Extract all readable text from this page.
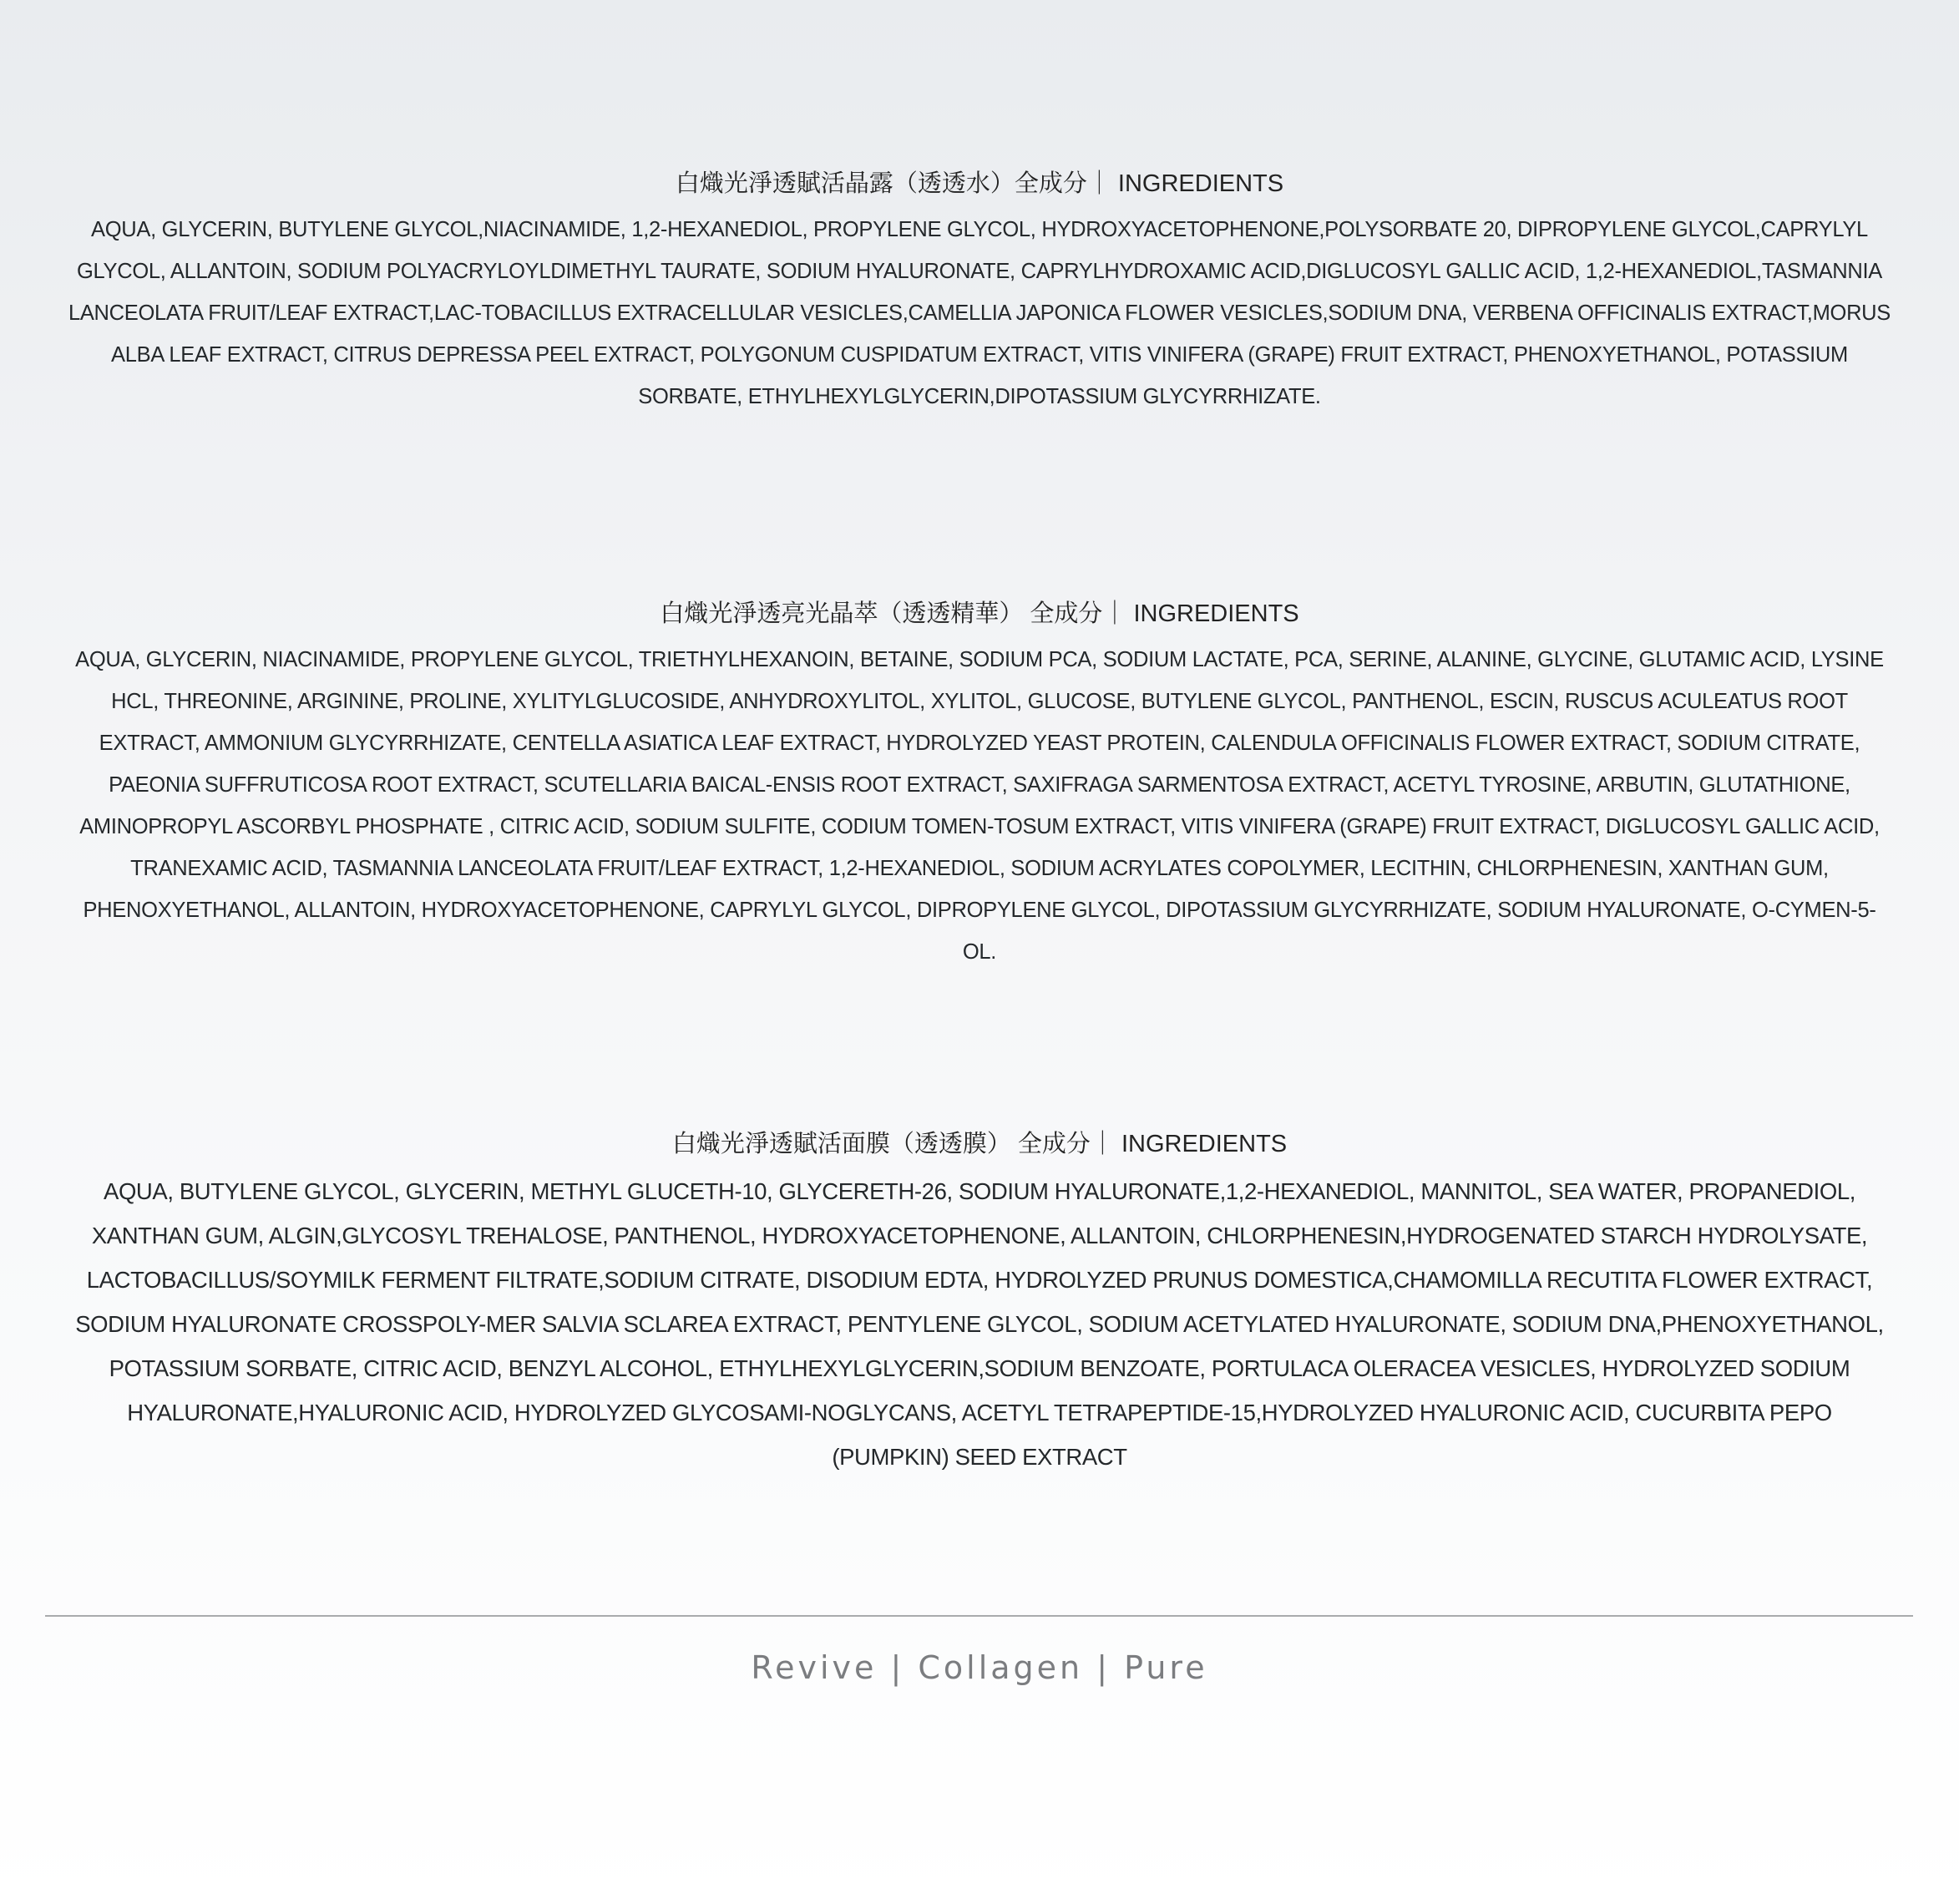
白熾光淨透賦活晶露（透透水）全成分｜ INGREDIENTS

AQUA, GLYCERIN, BUTYLENE GLYCOL,NIACINAMIDE, 1,2-HEXANEDIOL, PROPYLENE GLYCOL, HYDROXYACETOPHENONE,POLYSORBATE 20, DIPROPYLENE GLYCOL,CAPRYLYL GLYCOL, ALLANTOIN, SODIUM POLYACRYLOYLDIMETHYL TAURATE, SODIUM HYALURONATE, CAPRYLHYDROXAMIC ACID,DIGLUCOSYL GALLIC ACID, 1,2-HEXANEDIOL,TASMANNIA LANCEOLATA FRUIT/LEAF EXTRACT,LAC-TOBACILLUS EXTRACELLULAR VESICLES,CAMELLIA JAPONICA FLOWER VESICLES,SODIUM DNA, VERBENA OFFICINALIS EXTRACT,MORUS ALBA LEAF EXTRACT, CITRUS DEPRESSA PEEL EXTRACT, POLYGONUM CUSPIDATUM EXTRACT, VITIS VINIFERA (GRAPE) FRUIT EXTRACT, PHENOXYETHANOL, POTASSIUM SORBATE, ETHYLHEXYLGLYCERIN,DIPOTASSIUM GLYCYRRHIZATE.

白熾光淨透亮光晶萃（透透精華） 全成分｜ INGREDIENTS

AQUA, GLYCERIN, NIACINAMIDE, PROPYLENE GLYCOL, TRIETHYLHEXANOIN, BETAINE, SODIUM PCA, SODIUM LACTATE, PCA, SERINE, ALANINE, GLYCINE, GLUTAMIC ACID, LYSINE HCL, THREONINE, ARGININE, PROLINE, XYLITYLGLUCOSIDE, ANHYDROXYLITOL, XYLITOL, GLUCOSE, BUTYLENE GLYCOL, PANTHENOL, ESCIN, RUSCUS ACULEATUS ROOT EXTRACT, AMMONIUM GLYCYRRHIZATE, CENTELLA ASIATICA LEAF EXTRACT, HYDROLYZED YEAST PROTEIN, CALENDULA OFFICINALIS FLOWER EXTRACT, SODIUM CITRATE, PAEONIA SUFFRUTICOSA ROOT EXTRACT, SCUTELLARIA BAICAL-ENSIS ROOT EXTRACT, SAXIFRAGA SARMENTOSA EXTRACT, ACETYL TYROSINE, ARBUTIN, GLUTATHIONE, AMINOPROPYL ASCORBYL PHOSPHATE , CITRIC ACID, SODIUM SULFITE, CODIUM TOMEN-TOSUM EXTRACT, VITIS VINIFERA (GRAPE) FRUIT EXTRACT, DIGLUCOSYL GALLIC ACID, TRANEXAMIC ACID, TASMANNIA LANCEOLATA FRUIT/LEAF EXTRACT, 1,2-HEXANEDIOL, SODIUM ACRYLATES COPOLYMER, LECITHIN, CHLORPHENESIN, XANTHAN GUM, PHENOXYETHANOL, ALLANTOIN, HYDROXYACETOPHENONE, CAPRYLYL GLYCOL, DIPROPYLENE GLYCOL, DIPOTASSIUM GLYCYRRHIZATE, SODIUM HYALURONATE, O-CYMEN-5-OL.

白熾光淨透賦活面膜（透透膜） 全成分｜ INGREDIENTS

AQUA, BUTYLENE GLYCOL, GLYCERIN, METHYL GLUCETH-10, GLYCERETH-26, SODIUM HYALURONATE,1,2-HEXANEDIOL, MANNITOL, SEA WATER, PROPANEDIOL, XANTHAN GUM, ALGIN,GLYCOSYL TREHALOSE, PANTHENOL, HYDROXYACETOPHENONE, ALLANTOIN, CHLORPHENESIN,HYDROGENATED STARCH HYDROLYSATE, LACTOBACILLUS/SOYMILK FERMENT FILTRATE,SODIUM CITRATE, DISODIUM EDTA, HYDROLYZED PRUNUS DOMESTICA,CHAMOMILLA RECUTITA FLOWER EXTRACT, SODIUM HYALURONATE CROSSPOLY-MER SALVIA SCLAREA EXTRACT, PENTYLENE GLYCOL, SODIUM ACETYLATED HYALURONATE, SODIUM DNA,PHENOXYETHANOL, POTASSIUM SORBATE, CITRIC ACID, BENZYL ALCOHOL, ETHYLHEXYLGLYCERIN,SODIUM BENZOATE, PORTULACA OLERACEA VESICLES, HYDROLYZED SODIUM HYALURONATE,HYALURONIC ACID, HYDROLYZED GLYCOSAMI-NOGLYCANS, ACETYL TETRAPEPTIDE-15,HYDROLYZED HYALURONIC ACID, CUCURBITA PEPO (PUMPKIN) SEED EXTRACT

Revive | Collagen | Pure
